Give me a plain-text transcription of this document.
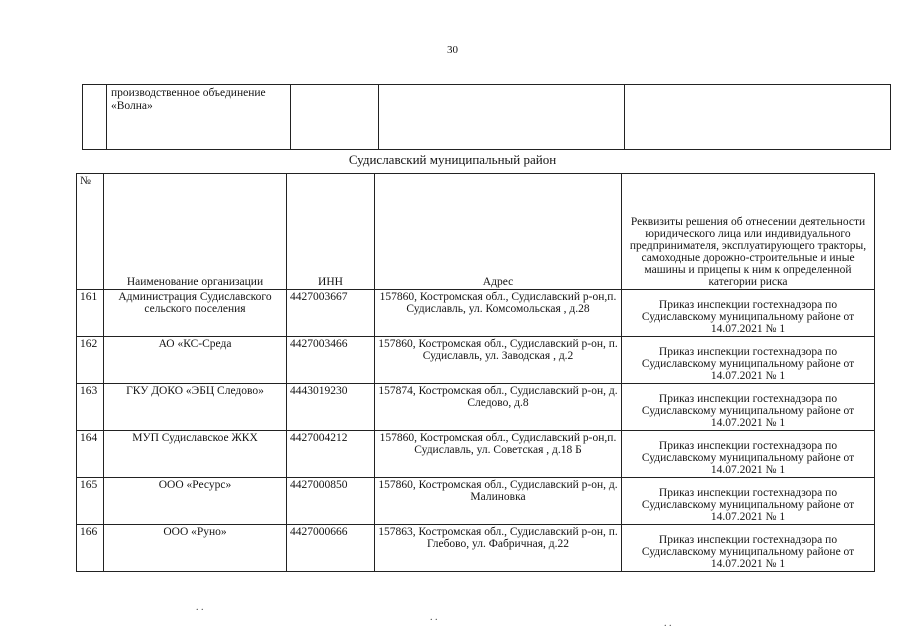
30
	производственное объединение «Волна»			
Судиславский муниципальный район
№	Наименование организации	ИНН	Адрес	Реквизиты решения об отнесении деятельности юридического лица или индивидуального предпринимателя, эксплуатирующего тракторы, самоходные дорожно-строительные и иные машины и прицепы к ним к определенной категории риска
161	Администрация Судиславского сельского поселения	4427003667	157860, Костромская обл., Судиславский р-он,п. Судиславль, ул. Комсомольская , д.28	Приказ инспекции гостехнадзора по Судиславскому муниципальному районе от 14.07.2021 № 1
162	АО «КС-Среда	4427003466	157860, Костромская обл., Судиславский р-он, п. Судиславль, ул. Заводская , д.2	Приказ инспекции гостехнадзора по Судиславскому муниципальному районе от 14.07.2021 № 1
163	ГКУ ДОКО «ЭБЦ Следово»	4443019230	157874, Костромская обл., Судиславский р-он, д. Следово, д.8	Приказ инспекции гостехнадзора по Судиславскому муниципальному районе от 14.07.2021 № 1
164	МУП Судиславское ЖКХ	4427004212	157860, Костромская обл., Судиславский р-он,п. Судиславль, ул. Советская , д.18 Б	Приказ инспекции гостехнадзора по Судиславскому муниципальному районе от 14.07.2021 № 1
165	ООО «Ресурс»	4427000850	157860, Костромская обл., Судиславский р-он, д. Малиновка	Приказ инспекции гостехнадзора по Судиславскому муниципальному районе от 14.07.2021 № 1
166	ООО «Руно»	4427000666	157863, Костромская обл., Судиславский р-он, п. Глебово, ул. Фабричная, д.22	Приказ инспекции гостехнадзора по Судиславскому муниципальному районе от 14.07.2021 № 1
. .
. .
. .
